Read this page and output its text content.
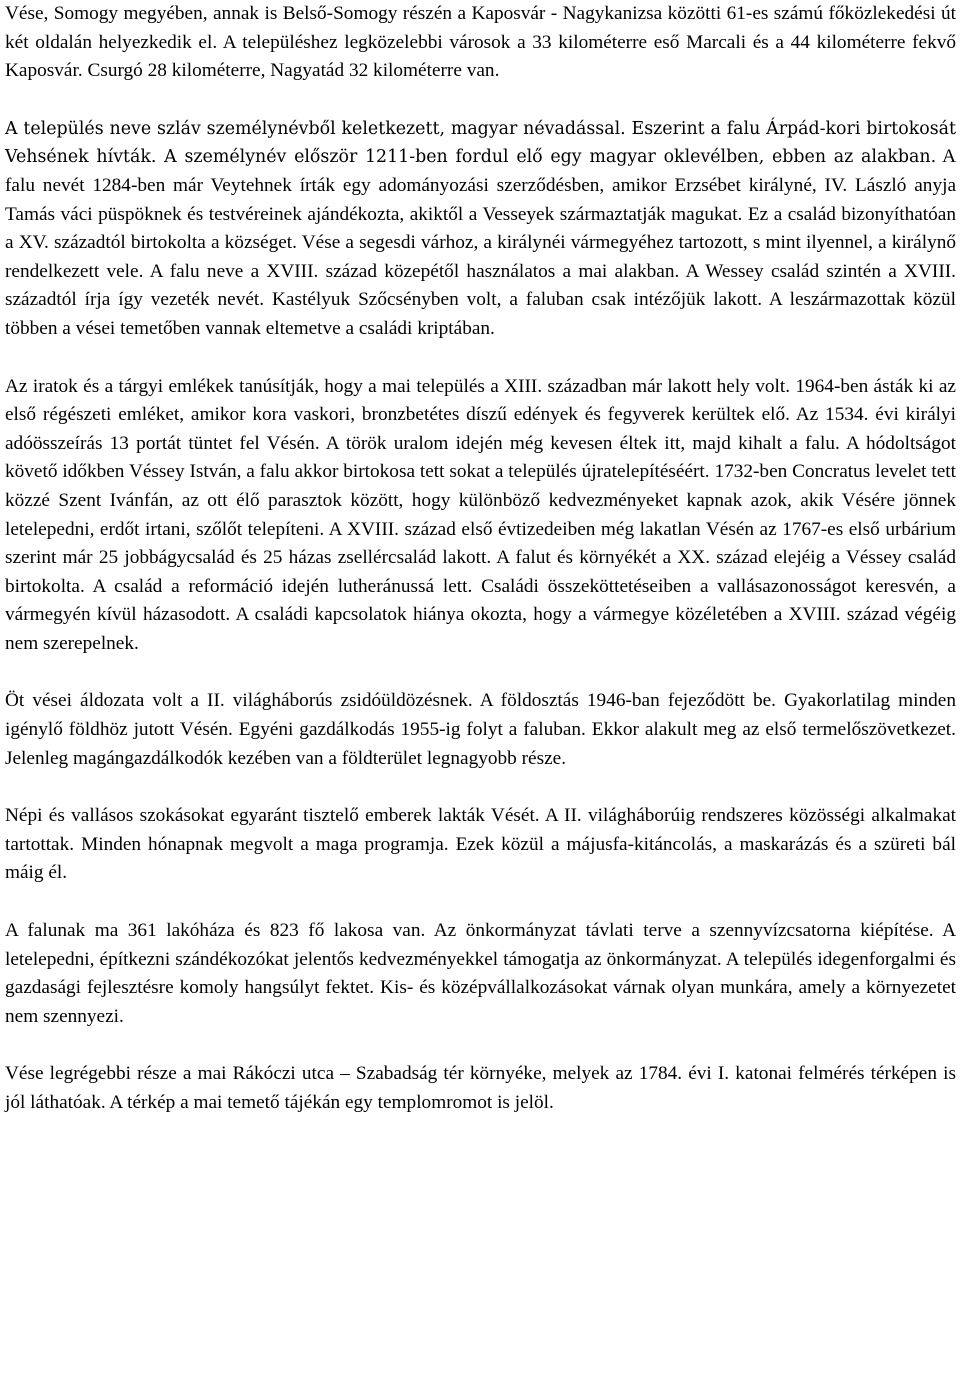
Vése, Somogy megyében, annak is Belső-Somogy részén a Kaposvár - Nagykanizsa közötti 61-es számú főközlekedési út két oldalán helyezkedik el. A településhez legközelebbi városok a 33 kilométerre eső Marcali és a 44 kilométerre fekvő Kaposvár. Csurgó 28 kilométerre, Nagyatád 32 kilométerre van.

A település neve szláv személynévből keletkezett, magyar névadással. Eszerint a falu Árpád-kori birtokosát Vehsének hívták. A személynév először 1211-ben fordul elő egy magyar oklevélben, ebben az alakban. A falu nevét 1284-ben már Veytehnek írták egy adományozási szerződésben, amikor Erzsébet királyné, IV. László anyja Tamás váci püspöknek és testvéreinek ajándékozta, akiktől a Vesseyek származtatják magukat. Ez a család bizonyíthatóan a XV. századtól birtokolta a községet. Vése a segesdi várhoz, a királynéi vármegyéhez tartozott, s mint ilyennel, a királynő rendelkezett vele. A falu neve a XVIII. század közepétől használatos a mai alakban. A Wessey család szintén a XVIII. századtól írja így vezeték nevét. Kastélyuk Szőcsényben volt, a faluban csak intézőjük lakott. A leszármazottak közül többen a vései temetőben vannak eltemetve a családi kriptában.

Az iratok és a tárgyi emlékek tanúsítják, hogy a mai település a XIII. században már lakott hely volt. 1964-ben ásták ki az első régészeti emléket, amikor kora vaskori, bronzbetétes díszű edények és fegyverek kerültek elő. Az 1534. évi királyi adóösszeírás 13 portát tüntet fel Vésén. A török uralom idején még kevesen éltek itt, majd kihalt a falu. A hódoltságot követő időkben Véssey István, a falu akkor birtokosa tett sokat a település újratelepítéséért. 1732-ben Concratus levelet tett közzé Szent Ivánfán, az ott élő parasztok között, hogy különböző kedvezményeket kapnak azok, akik Vésére jönnek letelepedni, erdőt irtani, szőlőt telepíteni. A XVIII. század első évtizedeiben még lakatlan Vésén az 1767-es első urbárium szerint már 25 jobbágycsalád és 25 házas zsellércsalád lakott. A falut és környékét a XX. század elejéig a Véssey család birtokolta. A család a reformáció idején lutheránussá lett. Családi összeköttetéseiben a vallásazonosságot keresvén, a vármegyén kívül házasodott. A családi kapcsolatok hiánya okozta, hogy a vármegye közéletében a XVIII. század végéig nem szerepelnek.

Öt vései áldozata volt a II. világháborús zsidóüldözésnek. A földosztás 1946-ban fejeződött be. Gyakorlatilag minden igénylő földhöz jutott Vésén. Egyéni gazdálkodás 1955-ig folyt a faluban. Ekkor alakult meg az első termelőszövetkezet. Jelenleg magángazdálkodók kezében van a földterület legnagyobb része.

Népi és vallásos szokásokat egyaránt tisztelő emberek lakták Vését. A II. világháborúig rendszeres közösségi alkalmakat tartottak. Minden hónapnak megvolt a maga programja. Ezek közül a májusfa-kitáncolás, a maskarázás és a szüreti bál máig él.

A falunak ma 361 lakóháza és 823 fő lakosa van. Az önkormányzat távlati terve a szennyvízcsatorna kiépítése. A letelepedni, építkezni szándékozókat jelentős kedvezményekkel támogatja az önkormányzat. A település idegenforgalmi és gazdasági fejlesztésre komoly hangsúlyt fektet. Kis- és középvállalkozásokat várnak olyan munkára, amely a környezetet nem szennyezi.

Vése legrégebbi része a mai Rákóczi utca – Szabadság tér környéke, melyek az 1784. évi I. katonai felmérés térképen is jól láthatóak. A térkép a mai temető tájékán egy templomromot is jelöl.
